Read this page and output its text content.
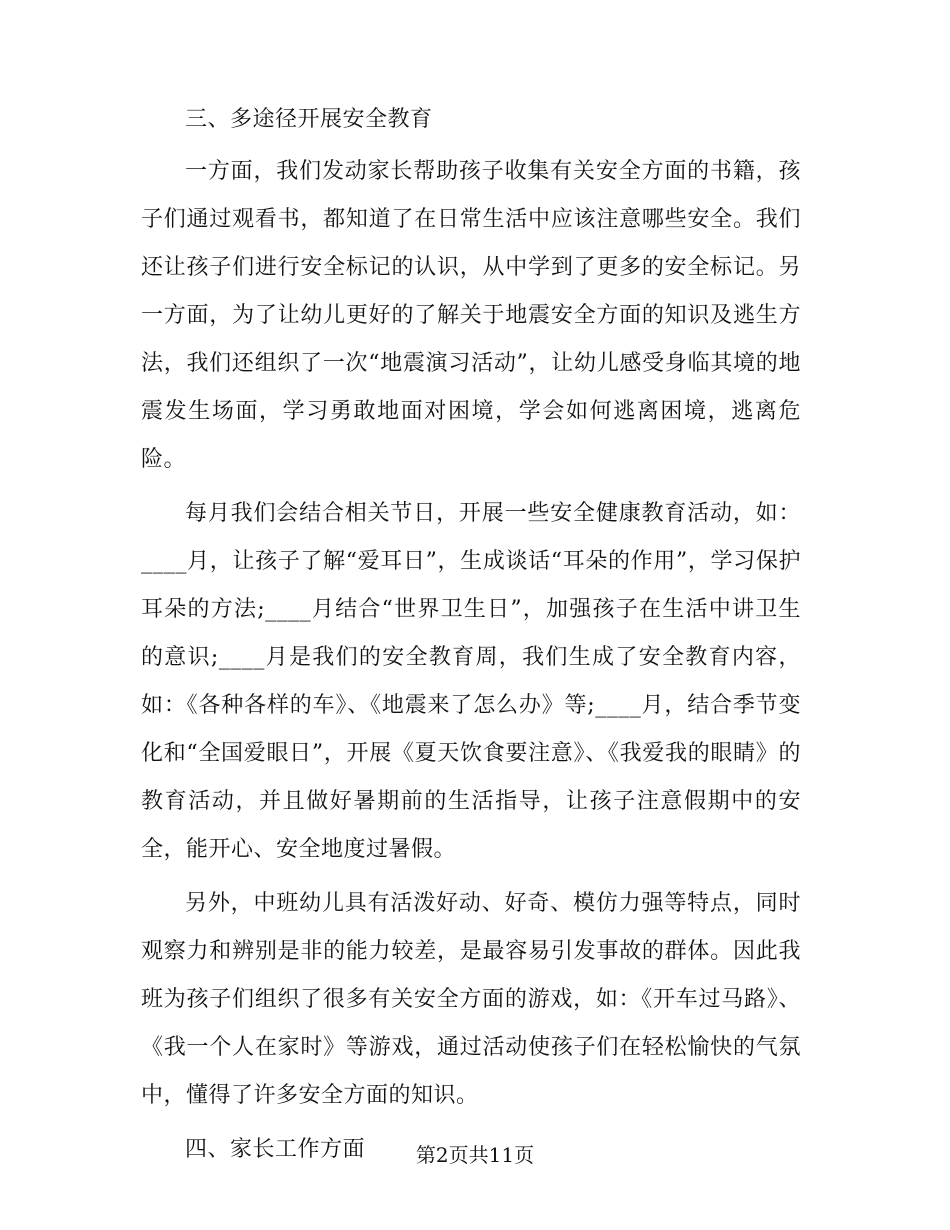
三、多途径开展安全教育

一方面，我们发动家长帮助孩子收集有关安全方面的书籍，孩子们通过观看书，都知道了在日常生活中应该注意哪些安全。我们还让孩子们进行安全标记的认识，从中学到了更多的安全标记。另一方面，为了让幼儿更好的了解关于地震安全方面的知识及逃生方法，我们还组织了一次“地震演习活动”，让幼儿感受身临其境的地震发生场面，学习勇敢地面对困境，学会如何逃离困境，逃离危险。

每月我们会结合相关节日，开展一些安全健康教育活动，如：____月，让孩子了解“爱耳日”，生成谈话“耳朵的作用”，学习保护耳朵的方法;____月结合“世界卫生日”，加强孩子在生活中讲卫生的意识;____月是我们的安全教育周，我们生成了安全教育内容，如：《各种各样的车》、《地震来了怎么办》等;____月，结合季节变化和“全国爱眼日”，开展《夏天饮食要注意》、《我爱我的眼睛》的教育活动，并且做好暑期前的生活指导，让孩子注意假期中的安全，能开心、安全地度过暑假。

另外，中班幼儿具有活泼好动、好奇、模仿力强等特点，同时观察力和辨别是非的能力较差，是最容易引发事故的群体。因此我班为孩子们组织了很多有关安全方面的游戏，如：《开车过马路》、《我一个人在家时》等游戏，通过活动使孩子们在轻松愉快的气氛中，懂得了许多安全方面的知识。

四、家长工作方面	第2页共11页
